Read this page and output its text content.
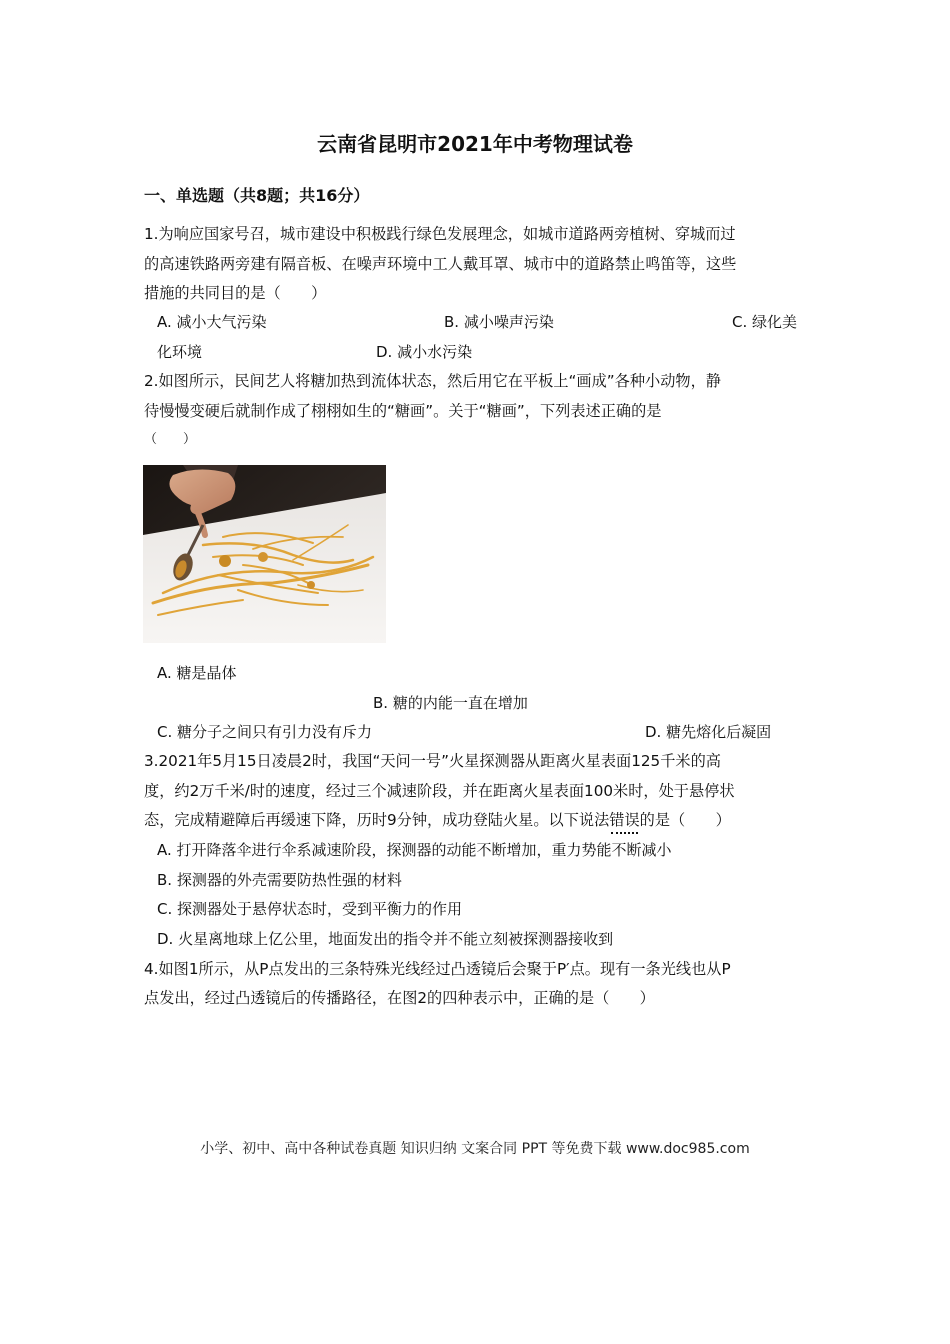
云南省昆明市2021年中考物理试卷
一、单选题（共8题；共16分）
1.为响应国家号召，城市建设中积极践行绿色发展理念，如城市道路两旁植树、穿城而过
的高速铁路两旁建有隔音板、在噪声环境中工人戴耳罩、城市中的道路禁止鸣笛等，这些
措施的共同目的是（　　）
A. 减小大气污染	B. 减小噪声污染	C. 绿化美
化环境	D. 减小水污染
2.如图所示，民间艺人将糖加热到流体状态，然后用它在平板上“画成”各种小动物，静
待慢慢变硬后就制作成了栩栩如生的“糖画”。关于“糖画”，下列表述正确的是
（　　）
A. 糖是晶体
B. 糖的内能一直在增加
C. 糖分子之间只有引力没有斥力	D. 糖先熔化后凝固
3.2021年5月15日凌晨2时，我国“天问一号”火星探测器从距离火星表面125千米的高
度，约2万千米/时的速度，经过三个减速阶段，并在距离火星表面100米时，处于悬停状
态，完成精避障后再缓速下降，历时9分钟，成功登陆火星。以下说法错误的是（　　）
A. 打开降落伞进行伞系减速阶段，探测器的动能不断增加，重力势能不断减小
B. 探测器的外壳需要防热性强的材料
C. 探测器处于悬停状态时，受到平衡力的作用
D. 火星离地球上亿公里，地面发出的指令并不能立刻被探测器接收到
4.如图1所示，从P点发出的三条特殊光线经过凸透镜后会聚于P′点。现有一条光线也从P
点发出，经过凸透镜后的传播路径，在图2的四种表示中，正确的是（　　）
小学、初中、高中各种试卷真题 知识归纳 文案合同 PPT 等免费下载 www.doc985.com
